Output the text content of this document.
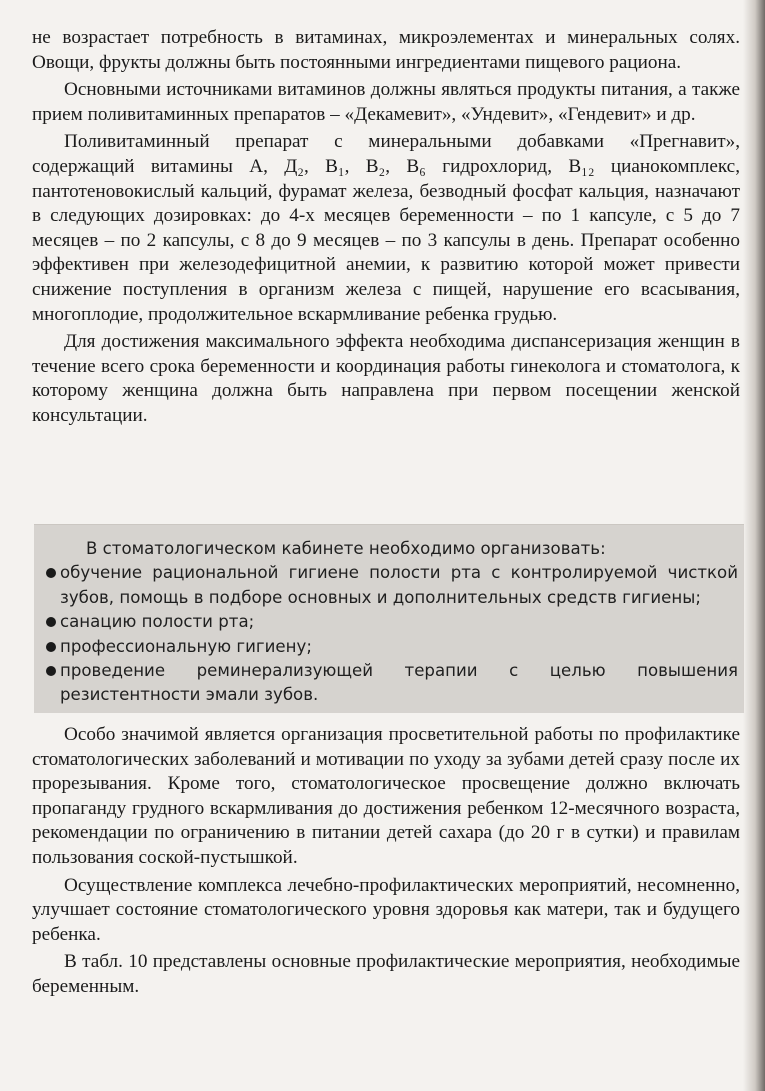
не возрастает потребность в витаминах, микроэлементах и минеральных солях. Овощи, фрукты должны быть постоянными ингредиентами пищевого рациона.

Основными источниками витаминов должны являться продукты питания, а также прием поливитаминных препаратов – «Декамевит», «Ундевит», «Гендевит» и др.

Поливитаминный препарат с минеральными добавками «Прегнавит», содержащий витамины А, Д₂, В₁, В₂, В₆ гидрохлорид, В₁₂ цианокомплекс, пантотеновокислый кальций, фурамат железа, безводный фосфат кальция, назначают в следующих дозировках: до 4-х месяцев беременности – по 1 капсуле, с 5 до 7 месяцев – по 2 капсулы, с 8 до 9 месяцев – по 3 капсулы в день. Препарат особенно эффективен при железодефицитной анемии, к развитию которой может привести снижение поступления в организм железа с пищей, нарушение его всасывания, многоплодие, продолжительное вскармливание ребенка грудью.

Для достижения максимального эффекта необходима диспансеризация женщин в течение всего срока беременности и координация работы гинеколога и стоматолога, к которому женщина должна быть направлена при первом посещении женской консультации.

В стоматологическом кабинете необходимо организовать:
обучение рациональной гигиене полости рта с контролируемой чисткой зубов, помощь в подборе основных и дополнительных средств гигиены;
санацию полости рта;
профессиональную гигиену;
проведение реминерализующей терапии с целью повышения резистентности эмали зубов.

Особо значимой является организация просветительной работы по профилактике стоматологических заболеваний и мотивации по уходу за зубами детей сразу после их прорезывания. Кроме того, стоматологическое просвещение должно включать пропаганду грудного вскармливания до достижения ребенком 12-месячного возраста, рекомендации по ограничению в питании детей сахара (до 20 г в сутки) и правилам пользования соской-пустышкой.

Осуществление комплекса лечебно-профилактических мероприятий, несомненно, улучшает состояние стоматологического уровня здоровья как матери, так и будущего ребенка.

В табл. 10 представлены основные профилактические мероприятия, необходимые беременным.
